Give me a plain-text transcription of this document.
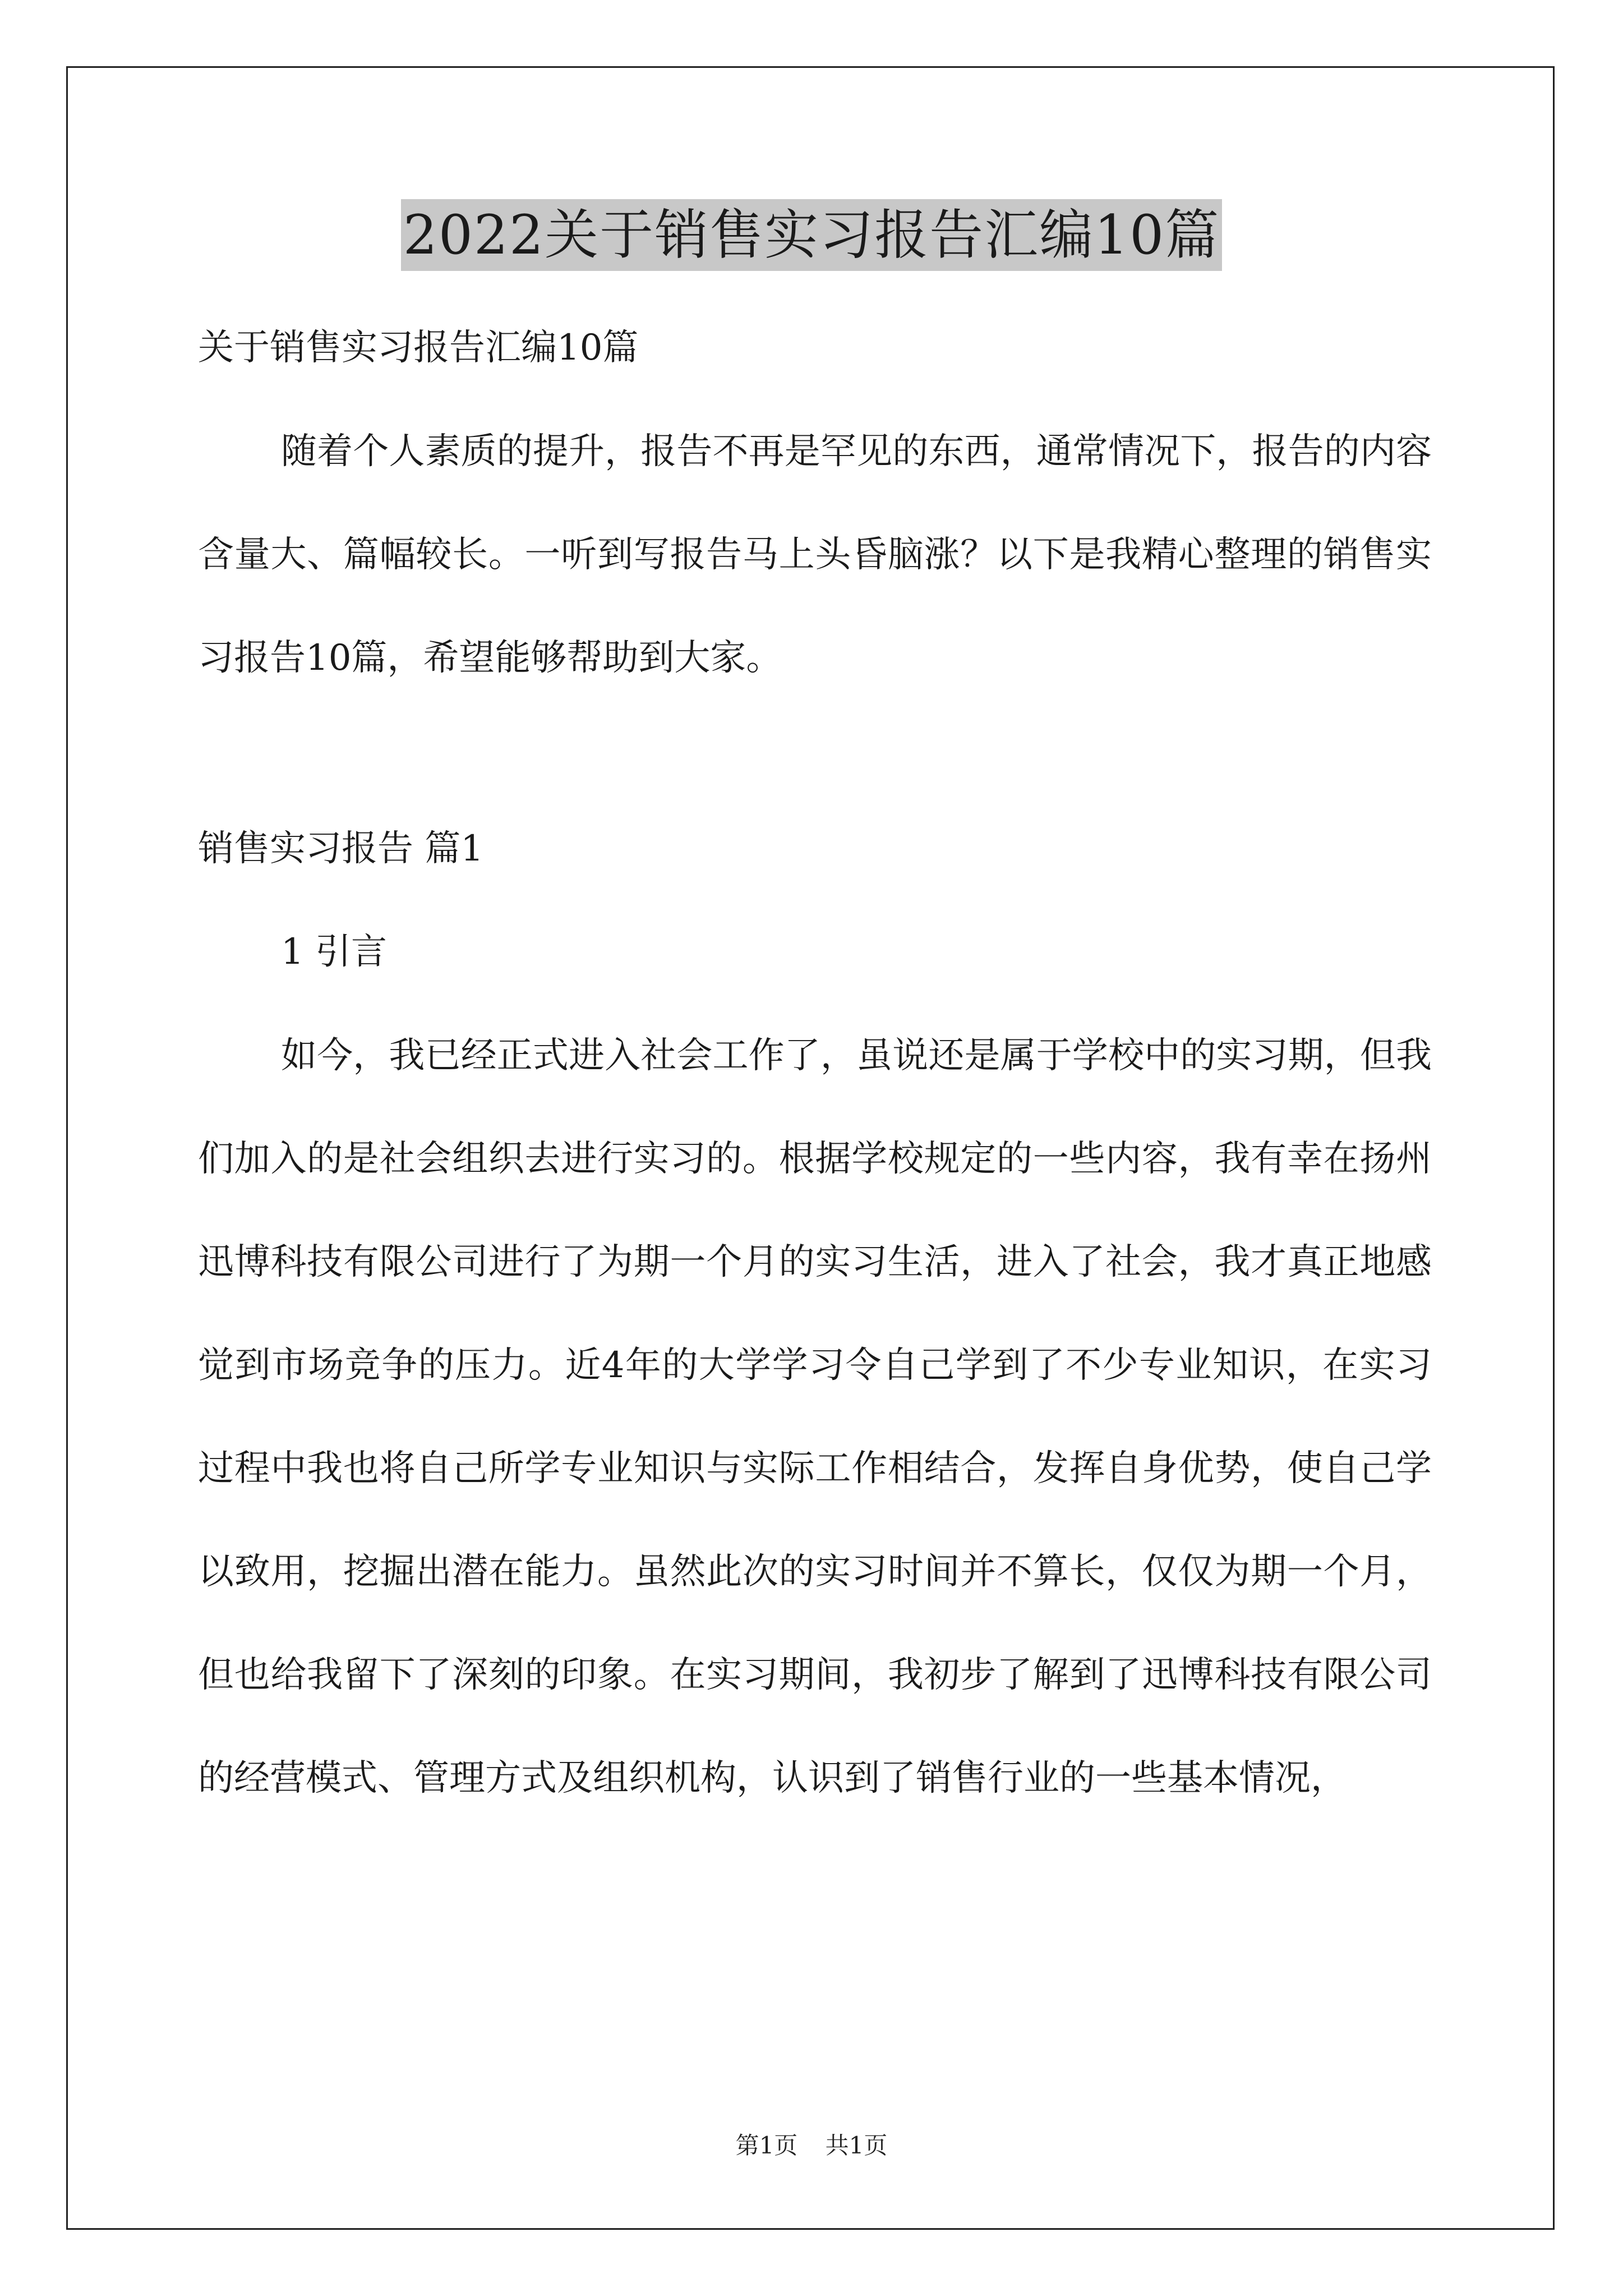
2022关于销售实习报告汇编10篇
关于销售实习报告汇编10篇

随着个人素质的提升，报告不再是罕见的东西，通常情况下，报告的内容含量大、篇幅较长。一听到写报告马上头昏脑涨？以下是我精心整理的销售实习报告10篇，希望能够帮助到大家。

销售实习报告 篇1
1 引言

如今，我已经正式进入社会工作了，虽说还是属于学校中的实习期，但我们加入的是社会组织去进行实习的。根据学校规定的一些内容，我有幸在扬州迅博科技有限公司进行了为期一个月的实习生活，进入了社会，我才真正地感觉到市场竞争的压力。近4年的大学学习令自己学到了不少专业知识，在实习过程中我也将自己所学专业知识与实际工作相结合，发挥自身优势，使自己学以致用，挖掘出潜在能力。虽然此次的实习时间并不算长，仅仅为期一个月，但也给我留下了深刻的印象。在实习期间，我初步了解到了迅博科技有限公司的经营模式、管理方式及组织机构，认识到了销售行业的一些基本情况，

第1页 共1页
